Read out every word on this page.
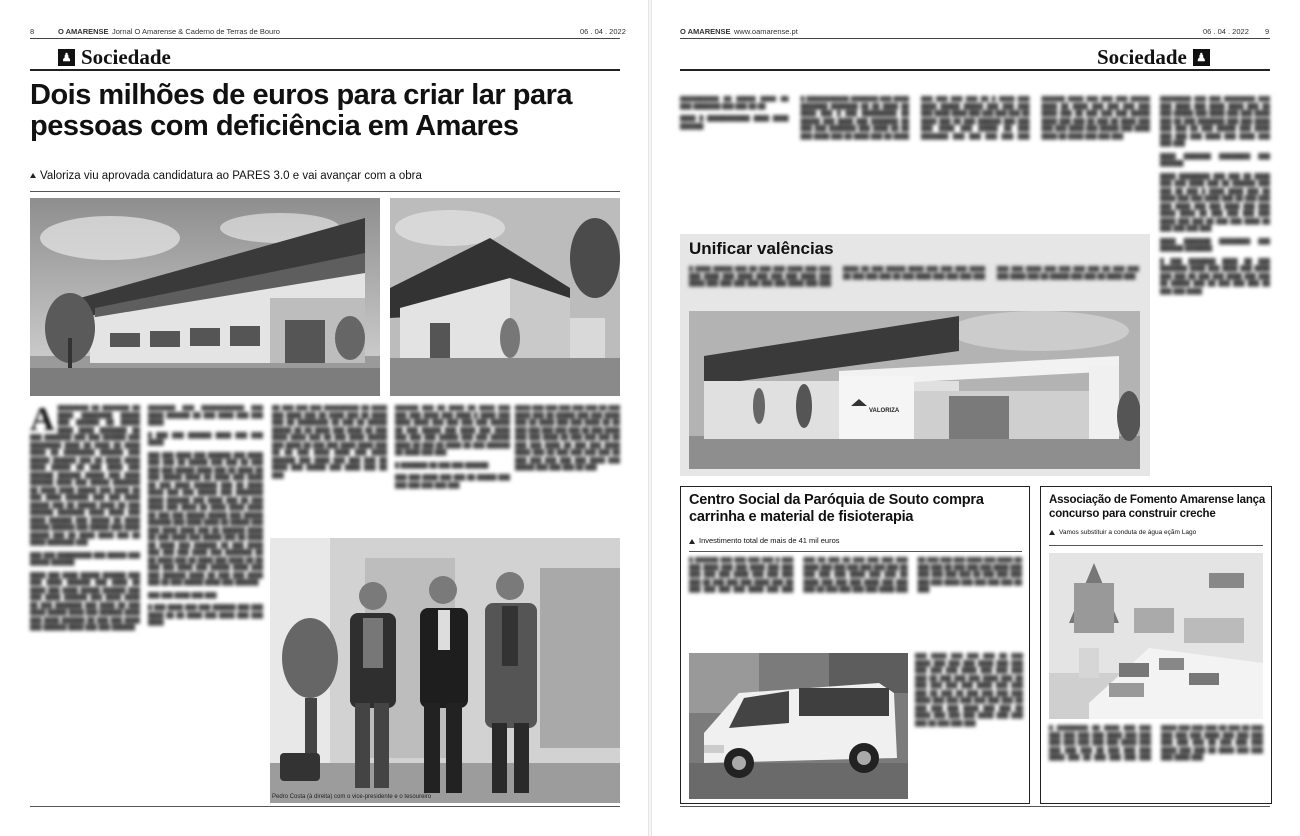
8	O AMARENSE Jornal O Amarense & Caderno de Terras de Bouro	06 . 04 . 2022
♟ Sociedade
Dois milhões de euros para criar lar para pessoas com deficiência em Amares
Valoriza viu aprovada candidatura ao PARES 3.0 e vai avançar com a obra
A ████████ ██ ███████ ██ ████ ████████ █████ ███ ██████ ██ █████ ████ ████ ███████ ██ ███ ███████ ███ ███ ██████ ███ ████████ ████ ██ ████ ██ ████ ████ ██ ████████ ██████ ███ █████ ██████ ███ ██ ████ ████ ████ █████ ██ ███ ████ ███ ██████ ██████ █████ ███ ████ ██████ ████ ███ █████ ███████ ██ ████ ████ █████ ███ ████ ██ ███ ████ ██████ ███ ███ ████ █████ ███ ██ █████ ████ ██ ███ ██████ ███████ ████ ████ ███ ████ ██████ ███ █████ ██ ████ █████ ██████ ███ █████ ███ ████ █████ ███ ██ ████ ████ ███ ██ ████ ███████ ███

███ ███ █████████ ███ █████ ███ █████ ██████

████ ███ ████ █████ ██████ ███ ███ ████ ██████ ███ ████ ██ ████ ███ ████ █████ ██████ ███ ███ ████ ██████ ███ ████ ████ ██ ███ ███████ ███ ████ ██ ███ ████ █████ ████ ███ ██████ ████ ███ ████ ██████ ██ ███ ███ ████ ███ ██████ ████ ███ ███ ██████

███████ ███ ███████████ ███ ████ ██████ ██ ███ ████ ███ ███ ████

█ ███ ███ ██████ ████ ███ ███ ████

███ ███ ████ ███ ██████ ███ ████ ███ ███ ██ █████ ███ ███ ██ ███ ███ ███ █████ ████ ███ ██ ████ ██ ███ █████ ████ ██ ████ ███ ████ ██ ███ ████ ██████ ███ ██ ████ ████ ███ ███ █████ ███ ███████ ████ ██████ ███ ████ ███ ██ ███ ████ ███ ████ ██ ████ ████ ████ ██ ███ ███ █████ █████ ███ █████ ██████ ███ ████ ████ ██ █████ ███ ███ ████ ████ ███ ██ ██████ ████ ██ ███ ████ ███ █████ ███ ██ ████ ██ ████ ███ ██████ ██ ███ ████ ███ ███ ███ ████ ███ ███████ ██ ██ ████ ███ ██ ████ ███ ████ ██ ██ ███ ███ ████ ███ █████ ████ ███ ███ ██████ ████ ██ ███ ███ ████ ███ ██ ███ █████ ████ ███ ██████

███ ███ ████ ███ ███

█ ███ ████ ███ ███ ██████ ███ ███ ████ ██ ██ ████ ███ ████ ███ ███ ████

██ ███ ███ ███ █████████ ██ ████ ███ ████ ███ ██ ████ ███ ██ ████ ███ ██ ████████ ██ ███ ██ █████ █████ ██ ██ ████ ███ ████ ██ ███ ████ ████ ███ ██ ███ ████ █████ ███ ████ ██ ███ ███ ████ ████ ███ ██ ██ ███ ████ ████ ███ ████ ██████ ███ ████ ███ ███ ███ ██ ████ ███ █████ ███ ████ ███ ██ ███

██████ ███ ██ ████ ██ ████ ███ ███ ███ ████ ███ ████ █ ████ ███ ████ ████ ███ ███ ███ ███ █████ ██ ███ █████ ███ ████ ███ ████ ███ ███ ███ █████ ███ ███ █████ ████ ██ ███ ██ ████ ██ ███ ██████ ██ ████ ███ ███

█ ███████ ██ ███ ███ ██████

███ ███ ████ ███ ███ ██ █████ ███ ███ ███ ███ ███ ███

████ ███ ███ ███ ███ ███ ██ ███ ████ ███ ██ █████ ███ ███ ████ ███ ██ ████ ███ ███ ████ ██ ██ ███ ███ ███ ███ ███ ██ ███ ████ ███ ███ ████ ██ ███ ███ ███ ██ ███ ███ ████ ██ ███ ███ ████ ████ ███ ██ ███ ███ ███ ███ ██ ███ ███ ███ ███ ███ ████ ███ █████ ███ ███ ███ ██ ███

Pedro Costa (à direita) com o vice-presidente e o tesoureiro
O AMARENSE www.oamarense.pt	06 . 04 . 2022 9
Sociedade ♟

██████████ ██ █████ ████ ██ ███ ███████ ███ ███ ██ ██

████ █ ███████████ ████ ████ ██████

█ ███████████ ███████ ███ ████ ███████ ███████ ██ ██ ████ ██ ████ ███ █ ███ █████████ ██ █████ ███ ████ ███ ███████ ██ ███ ███ ███████ ███ ████ ██ ██ ███ ████ ███ ██ ████ ███ ██ ████ ███ ███ ███ ███ ██ █ ████ ███ ████ █████ █████ ███ ███ ███ ███ ████ ████ ███ ███ ███ ███ ██ ████ ███ ██ ███ ██████ ███ ███ ███ ████ ███ █████ ██ ███ ███████ ███ ███ ███ ███ ███ ██████ ████ ███ ███ ███ █████ ████ ██ ████ ███ ███ ███ ███ ████ ███ ██ ███ ███ ███ █████ ████ ███ ███ ██ ███ ██ ████ ███ ███ ███ ████ ███ █████ ███ ████ ████ ██ ████ ███ ███ ███

████████ ███ ███ ████████ ███ ███ ████ ███ ████ ████ ███ ██ ███ █████ ███ ████ ███ ███ ████ ███ ██ ███ ███████ ███ ███ ████ ███ ███ ██ ███ █████ ███ ████ ███ ███ ███ ████ ███ ████ ███ ███ ███

████ ███████ ████████ ███ ██████

████ ████████ ███ ███ ██ ████ ███ ███ ████ ███ ██ ██████ ███ ███ ██ ███ █ ████ ████ ███ ██ ████ ███ ███ ████ ███ ██ ███ ███ ███ ████ ███ ███ ████ ███ ███ ████ ████ ██ ███ ███ ███ ███ ████ ███ ███ ██ ███ ███ ████ ██ ███ ███ ███ ███

████ ███████ ████████ ███ ██████ ███████

█ ███ ███████ ████ ██ ███ ███████ ████ ███ ████ ███ ████ ███ ███ ██ ███ ███ ████ ███ ███ ██ █████ ███ ██ ███ ███ ███ ██ ███ ███ ████

Unificar valências

█ ████ █████ ███ ██ ███ ███ ████ ███ ███ ███ ████ ███ ████ ███ ███ ███ ████ ███ ████ ███ ███ ███ ███ ███ ███ ████ ███ ███ ████ ██ ███ █████ ████ ███ ███ ███ ████ ██ ███ ███ ███ ██ ███ ████ ███ ███ ███ ███ ███ ███ ████ ███ ███ ███ ███ ██ ███ ███ ███ ████ ███ ██ █████ ███ ███ ██ ████ ███

VALORIZA
Centro Social da Paróquia de Souto compra carrinha e material de fisioterapia
Investimento total de mais de 41 mil euros

█ ██████ ███ ███ ███ ███ █ ███ ███ ████ ███ ███ ████ ███ ███ ███ ███ ███ ████ ███ ███ ███ ███ ██ ███ ███ ███ ████ ███ ██ ███ ███ ███ ███ ████ ███ ███ ███ ██ ███ ██ ███ ███ ███ ███ ████ ███ ███ ███ ███ ███ ███ ██ ███ ███ ███ ████ ███ ███ ██ ████ ███ ███ ███ ████ ███ ███ ███ ██ ███ ███ ███ ███ ████ ███ ██ ███ ███ ███ ████ ███ ████ ██ ███ ███ ██ ███ ███ ███ ████ ███ ███ ███ ███ ███ ██ ███ ███ ███ ███ ███ ████ ███ ███ ███ ███ ██ ███

███ ████ ███ ███ ███ ██ ███ ████ ███ ███ ███ ████ ███ ███ ███ ███ ███ ████ ███ ███ ███ ███ ██ ███ ███ ███ ████ ███ ██ ███ ███ ███ ███ ████ ███ ███ ███ ██ ███ ██ ███ ███ ███ ███ ████ ███ ███ ███ ███ ███ ███ ██ ███ ███ ███ ████ ███ ███ ██ ████ ███ ███ ███ ████ ███ ███ ███ ██ ███ ███ ███

Associação de Fomento Amarense lança concurso para construir creche
Vamos substituir a conduta de água eçãm Lago

█ ████████ ██ ████ ███ ███ ███ ███ ███ ███ ████ ███ ███ ███ ███ ███ ███ ███ ████ ███ ███ ███ ███ ██ ███ ███ ███ ████ ███ ██ ███ ███ ███ ███ ████ ███ ███ ███ ██ ███ ██ ███ ███ ███ ███ ████ ███ ███ ███ ███ ███ ███ ██ ███ ███ ███ ████ ███ ███ ██ ████ ███ ███ ███ ████ ███
